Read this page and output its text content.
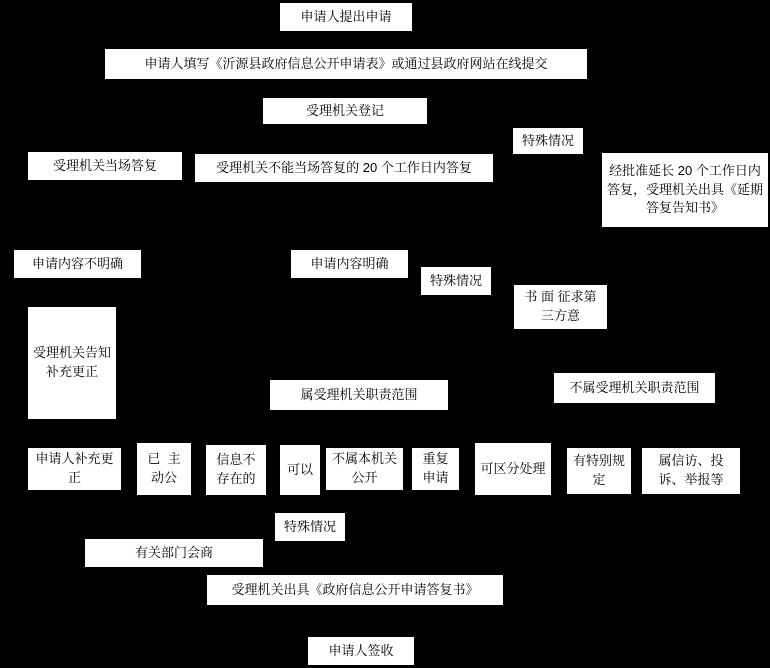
申请人提出申请
申请人填写《沂源县政府信息公开申请表》或通过县政府网站在线提交
受理机关登记
特殊情况
受理机关当场答复	受理机关不能当场答复的 20 个工作日内答复	经批准延长 20 个工作日内答复，受理机关出具《延期答复告知书》
申请内容不明确	申请内容明确
特殊情况
书 面 征求第三方意
受理机关告知补充更正
属受理机关职责范围	不属受理机关职责范围
申请人补充更正
已  主动公
信息不存在的
可以
不属本机关公开
重复申请
可区分处理	有特别规定
属信访、投诉、举报等
特殊情况
有关部门会商
受理机关出具《政府信息公开申请答复书》
申请人签收
